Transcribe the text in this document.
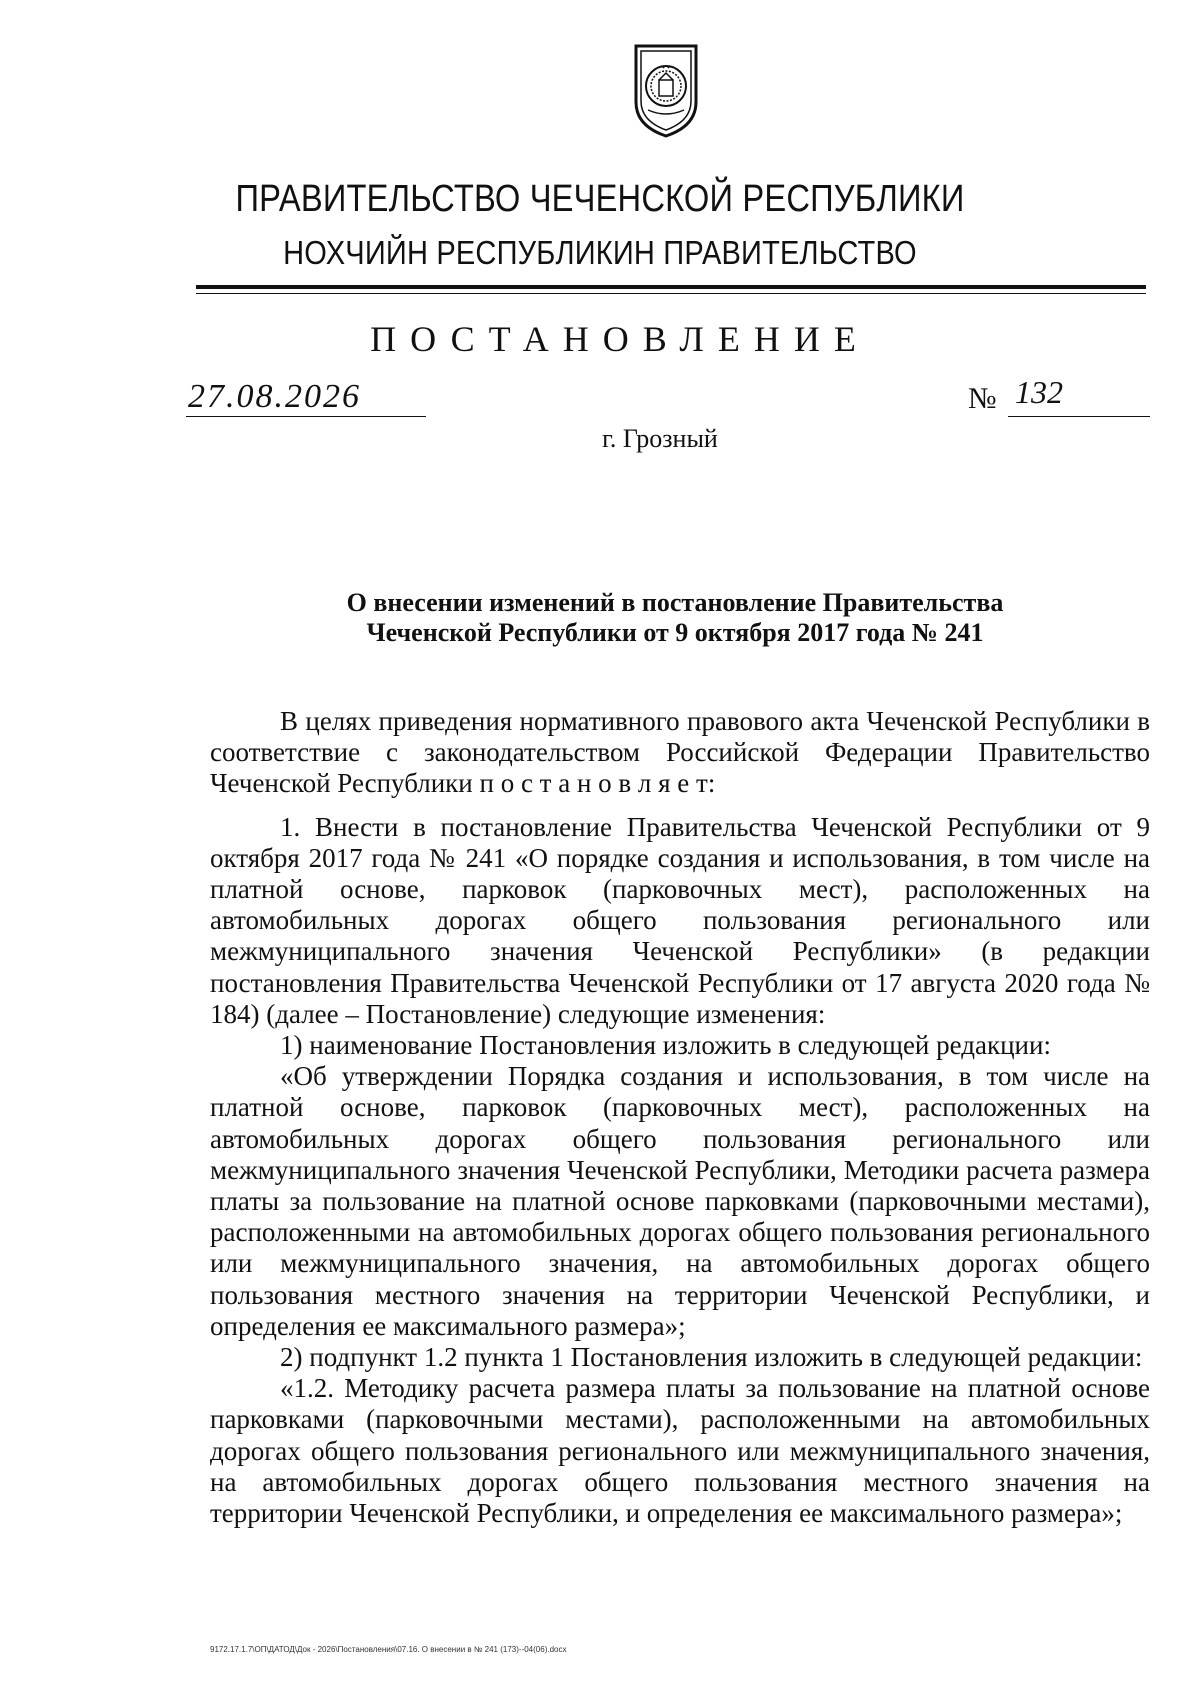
ПРАВИТЕЛЬСТВО ЧЕЧЕНСКОЙ РЕСПУБЛИКИ
НОХЧИЙН РЕСПУБЛИКИН ПРАВИТЕЛЬСТВО
ПОСТАНОВЛЕНИЕ
27.08.2026	№ 132
г. Грозный
О внесении изменений в постановление Правительства
Чеченской Республики от 9 октября 2017 года № 241

В целях приведения нормативного правового акта Чеченской Республики в соответствие с законодательством Российской Федерации Правительство Чеченской Республики п о с т а н о в л я е т:

1. Внести в постановление Правительства Чеченской Республики от 9 октября 2017 года № 241 «О порядке создания и использования, в том числе на платной основе, парковок (парковочных мест), расположенных на автомобильных дорогах общего пользования регионального или межмуниципального значения Чеченской Республики» (в редакции постановления Правительства Чеченской Республики от 17 августа 2020 года № 184) (далее – Постановление) следующие изменения:

1) наименование Постановления изложить в следующей редакции:

«Об утверждении Порядка создания и использования, в том числе на платной основе, парковок (парковочных мест), расположенных на автомобильных дорогах общего пользования регионального или межмуниципального значения Чеченской Республики, Методики расчета размера платы за пользование на платной основе парковками (парковочными местами), расположенными на автомобильных дорогах общего пользования регионального или межмуниципального значения, на автомобильных дорогах общего пользования местного значения на территории Чеченской Республики, и определения ее максимального размера»;

2) подпункт 1.2 пункта 1 Постановления изложить в следующей редакции:

«1.2. Методику расчета размера платы за пользование на платной основе парковками (парковочными местами), расположенными на автомобильных дорогах общего пользования регионального или межмуниципального значения, на автомобильных дорогах общего пользования местного значения на территории Чеченской Республики, и определения ее максимального размера»;

9172.17.1.7\ОП\ДАТОД\Док - 2026\Постановления\07.16. О внесении в № 241 (173)--04(06).docx
